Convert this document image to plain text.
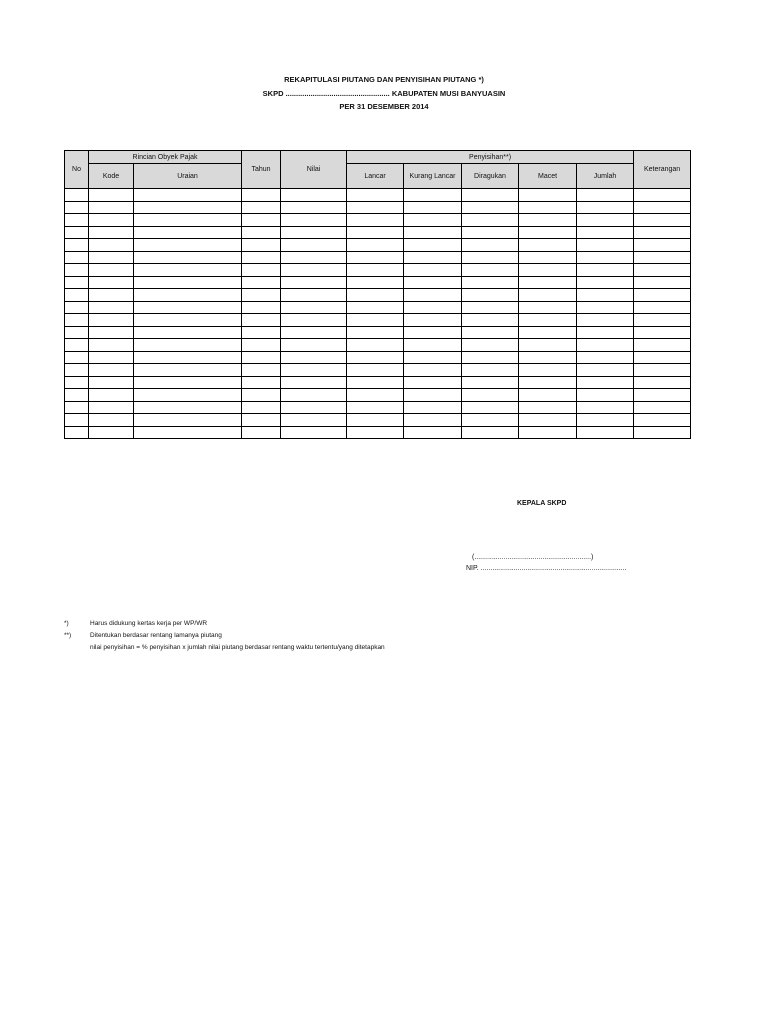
REKAPITULASI PIUTANG DAN PENYISIHAN PIUTANG *)
SKPD .................................................. KABUPATEN MUSI BANYUASIN
PER 31 DESEMBER 2014
No	Rincian Obyek Pajak		Tahun	Nilai	Penyisihan**)					Keterangan
	Kode	Uraian			Lancar	Kurang Lancar	Diragukan	Macet	Jumlah	

KEPALA SKPD
(............................................................)
NIP. ...........................................................................
*)	Harus didukung kertas kerja per WP/WR
**)	Ditentukan berdasar rentang lamanya piutang
nilai penyisihan = % penyisihan x jumlah nilai piutang berdasar rentang waktu tertentu/yang ditetapkan
